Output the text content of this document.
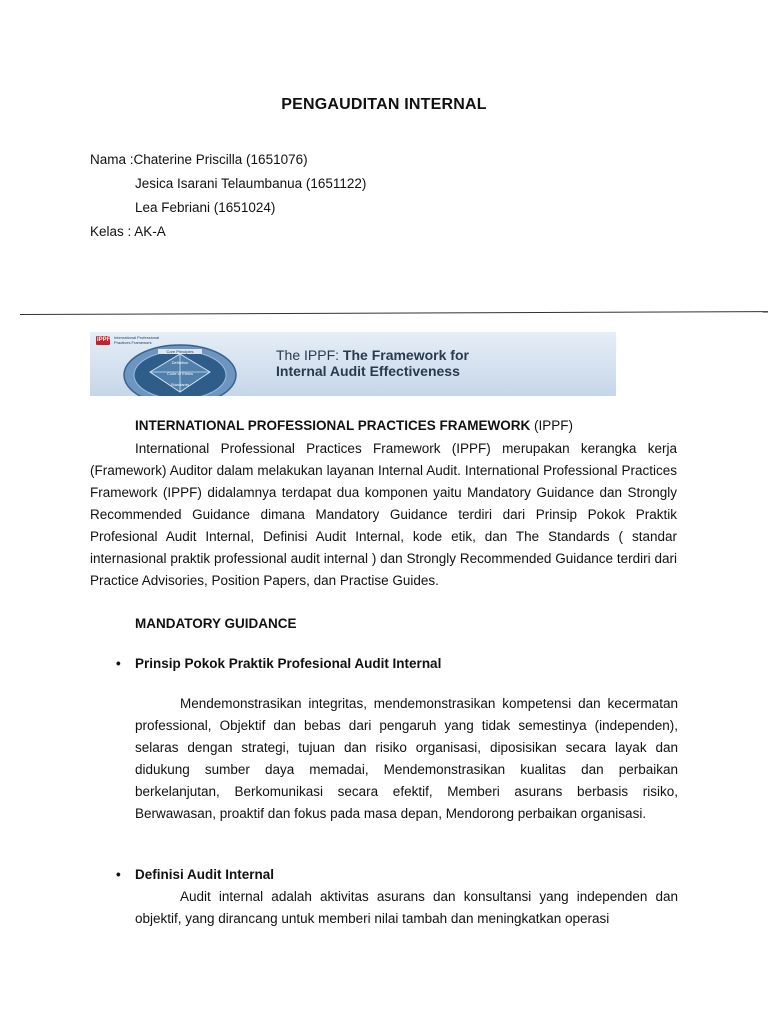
PENGAUDITAN INTERNAL
Nama :Chaterine Priscilla (1651076)
Jesica Isarani Telaumbanua (1651122)
Lea Febriani (1651024)
Kelas : AK-A
IPPF International Professional Practices Framework
Core Principles
Definition
Code of Ethics
Standards
The IPPF: The Framework for
Internal Audit Effectiveness
INTERNATIONAL PROFESSIONAL PRACTICES FRAMEWORK (IPPF)
International Professional Practices Framework (IPPF) merupakan kerangka kerja (Framework) Auditor dalam melakukan layanan Internal Audit. International Professional Practices Framework (IPPF) didalamnya terdapat dua komponen yaitu Mandatory Guidance dan Strongly Recommended Guidance dimana Mandatory Guidance terdiri dari Prinsip Pokok Praktik Profesional Audit Internal, Definisi Audit Internal, kode etik, dan The Standards ( standar internasional praktik professional audit internal ) dan Strongly Recommended Guidance terdiri dari Practice Advisories, Position Papers, dan Practise Guides.
MANDATORY GUIDANCE
• Prinsip Pokok Praktik Profesional Audit Internal
Mendemonstrasikan integritas, mendemonstrasikan kompetensi dan kecermatan professional, Objektif dan bebas dari pengaruh yang tidak semestinya (independen), selaras dengan strategi, tujuan dan risiko organisasi, diposisikan secara layak dan didukung sumber daya memadai, Mendemonstrasikan kualitas dan perbaikan berkelanjutan, Berkomunikasi secara efektif, Memberi asurans berbasis risiko, Berwawasan, proaktif dan fokus pada masa depan, Mendorong perbaikan organisasi.
• Definisi Audit Internal
Audit internal adalah aktivitas asurans dan konsultansi yang independen dan objektif, yang dirancang untuk memberi nilai tambah dan meningkatkan operasi
